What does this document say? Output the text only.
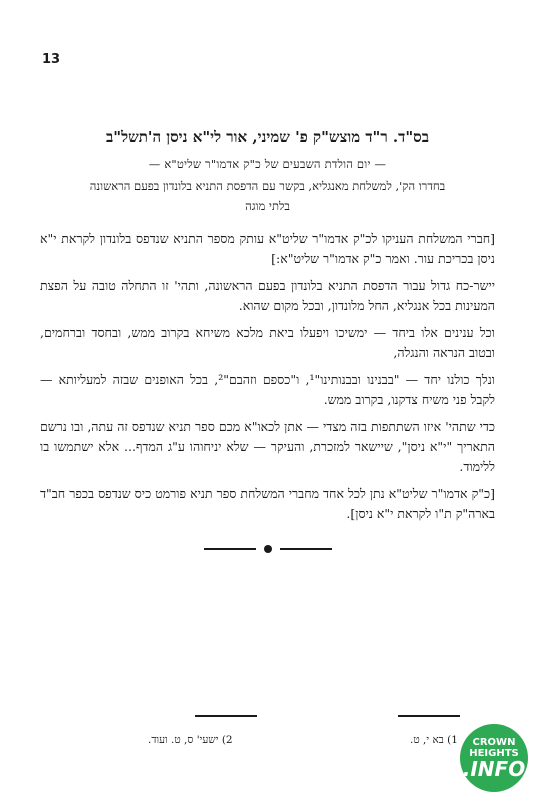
13
בס"ד. ר"ד מוצש"ק פ' שמיני, אור לי"א ניסן ה'תשל"ב
— יום הולדת השבעים של כ"ק אדמו"ר שליט"א —
בחדרו הק', למשלחת מאנגליא, בקשר עם הדפסת התניא בלונדון בפעם הראשונה
בלתי מוגה

[חברי המשלחת העניקו לכ"ק אדמו"ר שליט"א עותק מספר התניא שנדפס בלונדון לקראת י"א ניסן בכריכת עור. ואמר כ"ק אדמו"ר שליט"א:]

יישר-כח גדול עבור הדפסת התניא בלונדון בפעם הראשונה, ותהי' זו התחלה טובה על הפצת המעינות בכל אנגליא, החל מלונדון, ובכל מקום שהוא.

וכל ענינים אלו ביחד — ימשיכו ויפעלו ביאת מלכא משיחא בקרוב ממש, ובחסד וברחמים, ובטוב הנראה והנגלה,

ונלך כולנו יחד — "בבנינו ובבנותינו"¹, ו"כספם וזהבם"², בכל האופנים שבזה למעליותא — לקבל פני משיח צדקנו, בקרוב ממש.

כדי שתהי' איזו השתתפות בזה מצדי — אתן לכאו"א מכם ספר תניא שנדפס זה עתה, ובו נרשם התאריך "י"א ניסן", שיישאר למזכרת, והעיקר — שלא יניחוהו ע"ג המדף... אלא ישתמשו בו ללימוד.

[כ"ק אדמו"ר שליט"א נתן לכל אחד מחברי המשלחת ספר תניא פורמט כיס שנדפס בכפר חב"ד בארה"ק ת"ו לקראת י"א ניסן].

2) ישעי' ס, ט. ועוד.	1) בא י, ט. CROWN
HEIGHTS
.INFO
